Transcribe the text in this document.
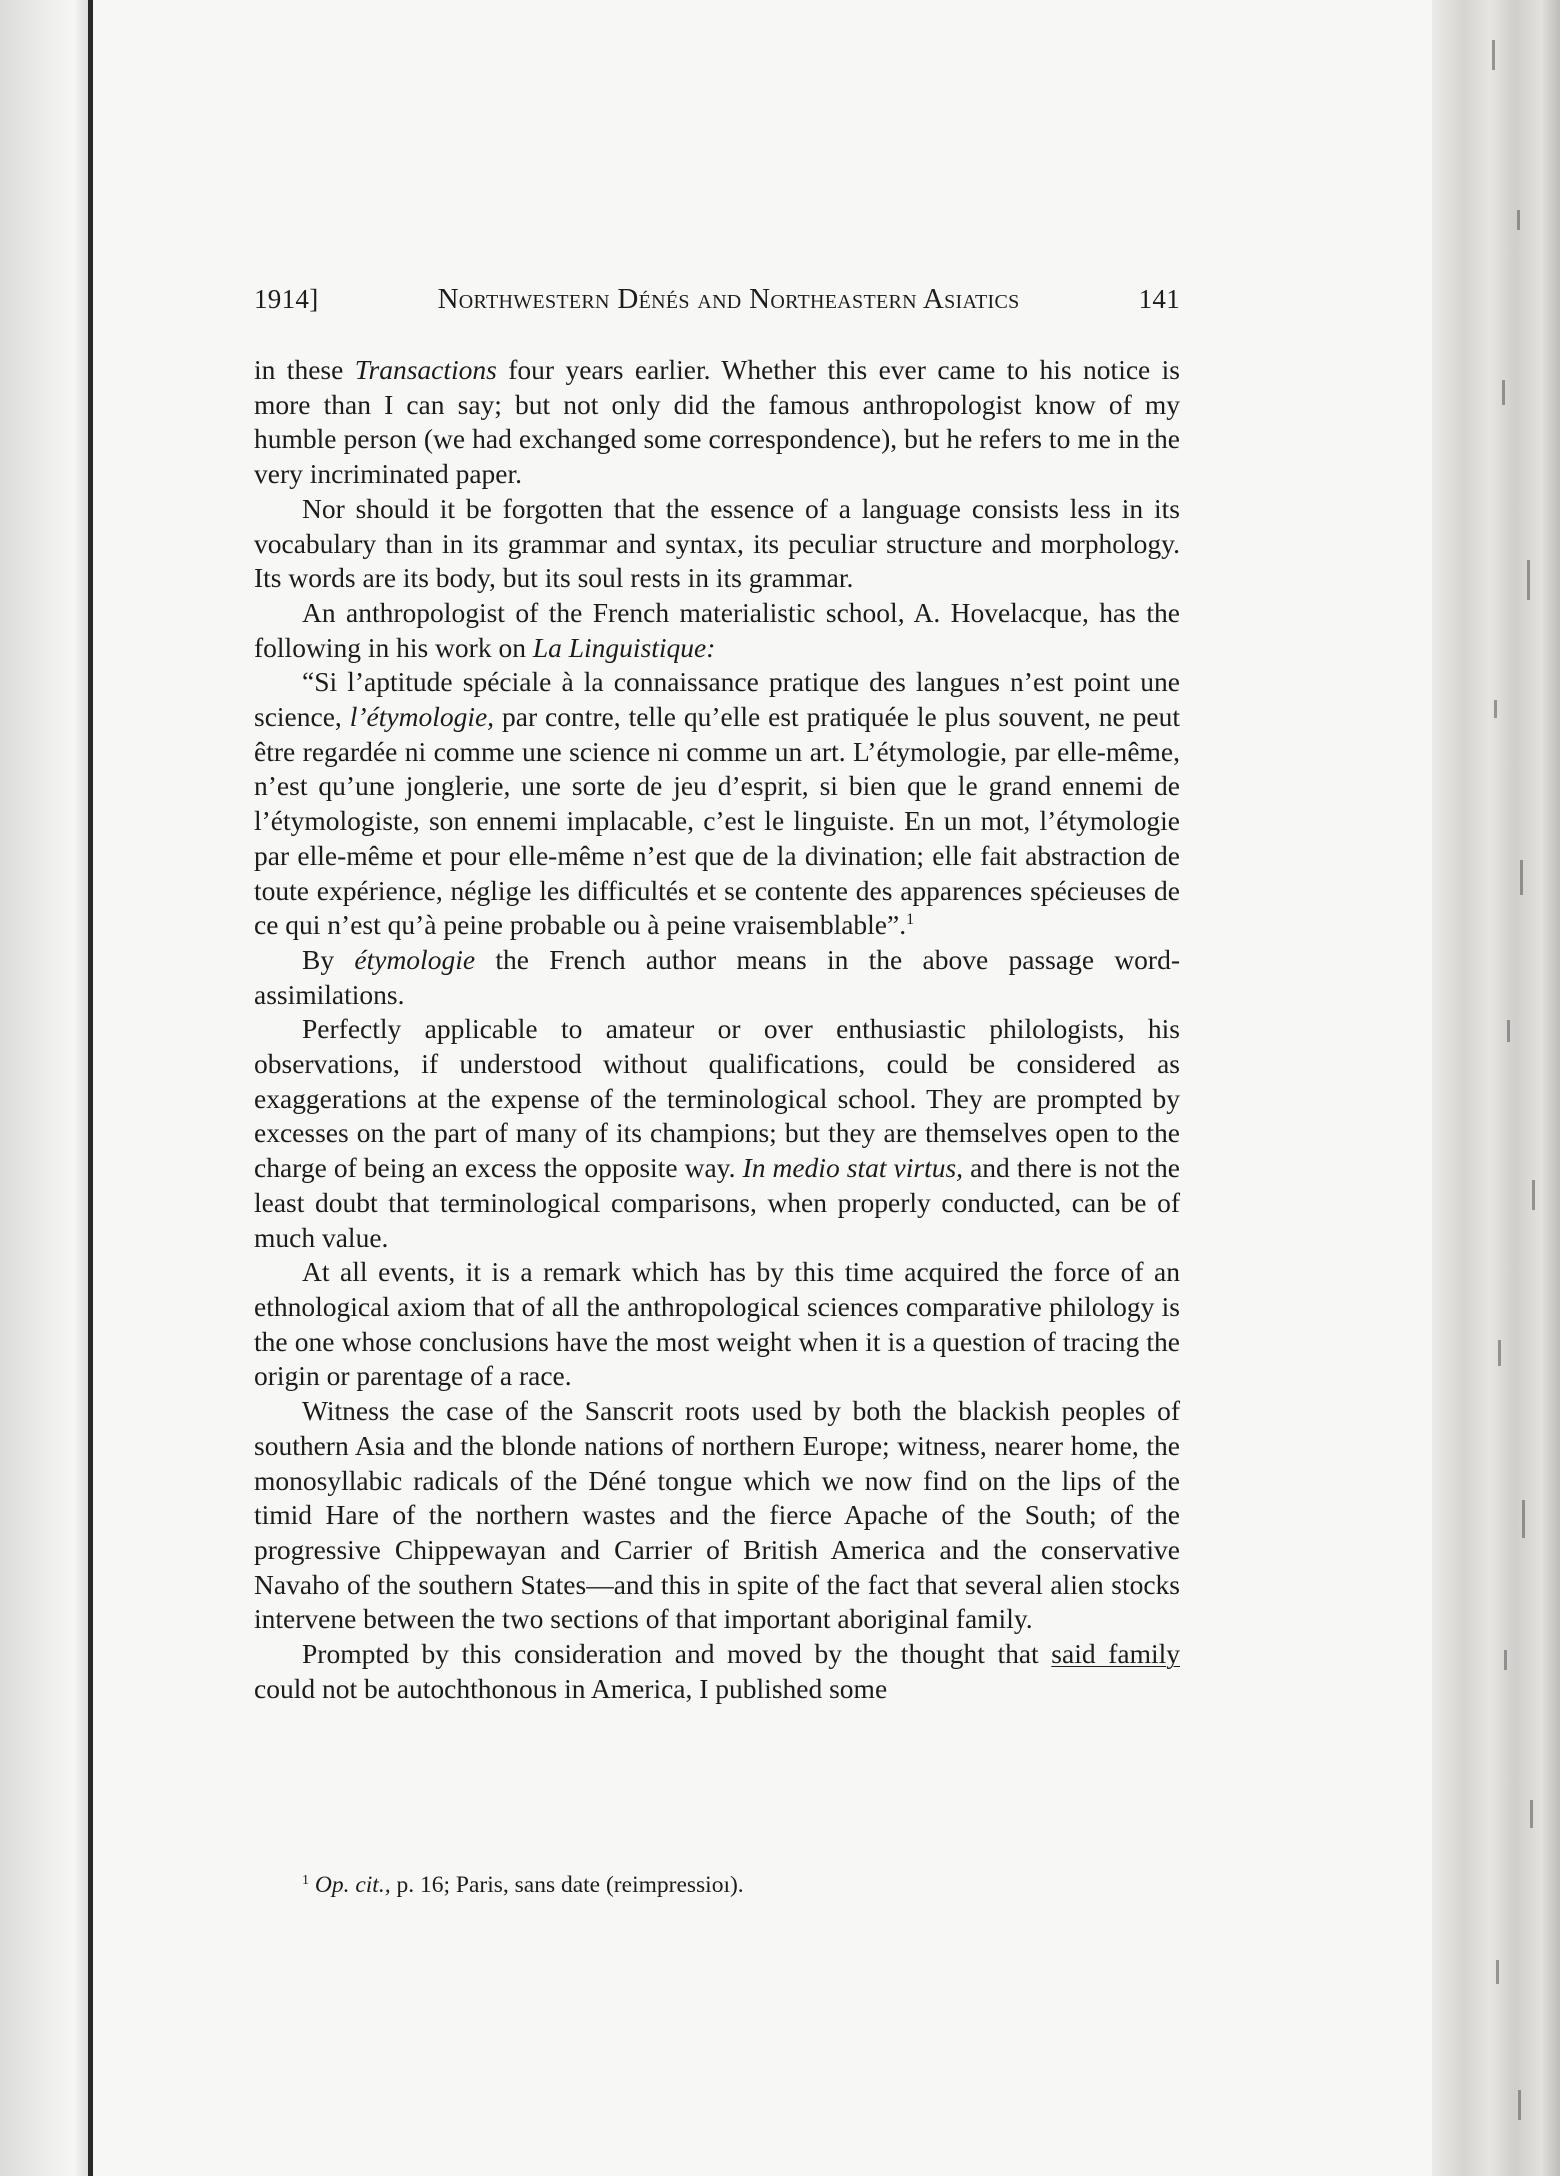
1914]	Northwestern Dénés and Northeastern Asiatics	141

in these Transactions four years earlier. Whether this ever came to his notice is more than I can say; but not only did the famous anthropologist know of my humble person (we had exchanged some correspondence), but he refers to me in the very incriminated paper.

Nor should it be forgotten that the essence of a language consists less in its vocabulary than in its grammar and syntax, its peculiar structure and morphology. Its words are its body, but its soul rests in its grammar.

An anthropologist of the French materialistic school, A. Hovelacque, has the following in his work on La Linguistique:

“Si l’aptitude spéciale à la connaissance pratique des langues n’est point une science, l’étymologie, par contre, telle qu’elle est pratiquée le plus souvent, ne peut être regardée ni comme une science ni comme un art. L’étymologie, par elle-même, n’est qu’une jonglerie, une sorte de jeu d’esprit, si bien que le grand ennemi de l’étymologiste, son ennemi implacable, c’est le linguiste. En un mot, l’étymologie par elle-même et pour elle-même n’est que de la divination; elle fait abstraction de toute expérience, néglige les difficultés et se contente des apparences spécieuses de ce qui n’est qu’à peine probable ou à peine vraisemblable”.$^1$

By étymologie the French author means in the above passage word-assimilations.

Perfectly applicable to amateur or over enthusiastic philologists, his observations, if understood without qualifications, could be considered as exaggerations at the expense of the terminological school. They are prompted by excesses on the part of many of its champions; but they are themselves open to the charge of being an excess the opposite way. In medio stat virtus, and there is not the least doubt that terminological comparisons, when properly conducted, can be of much value.

At all events, it is a remark which has by this time acquired the force of an ethnological axiom that of all the anthropological sciences comparative philology is the one whose conclusions have the most weight when it is a question of tracing the origin or parentage of a race.

Witness the case of the Sanscrit roots used by both the blackish peoples of southern Asia and the blonde nations of northern Europe; witness, nearer home, the monosyllabic radicals of the Déné tongue which we now find on the lips of the timid Hare of the northern wastes and the fierce Apache of the South; of the progressive Chippewayan and Carrier of British America and the conservative Navaho of the southern States—and this in spite of the fact that several alien stocks intervene between the two sections of that important aboriginal family.

Prompted by this consideration and moved by the thought that said family could not be autochthonous in America, I published some

$^1$ Op. cit., p. 16; Paris, sans date (reimpressioı).
